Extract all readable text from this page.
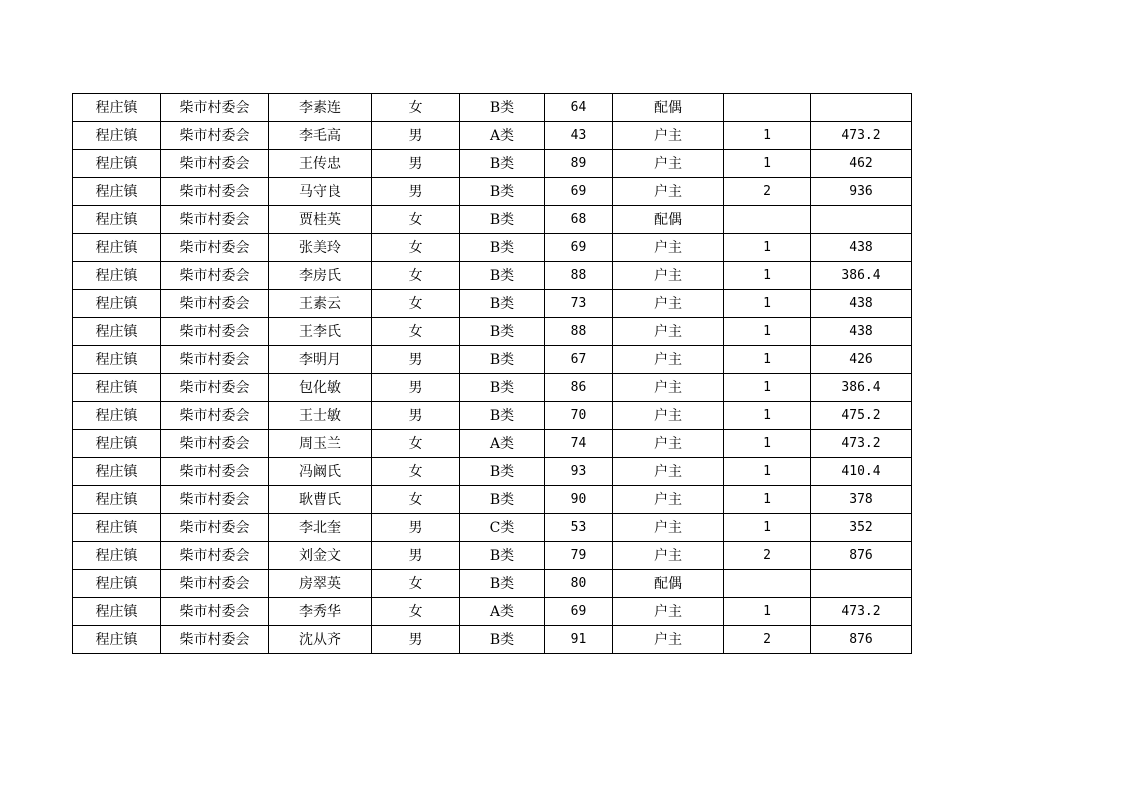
程庄镇	柴市村委会	李素连	女	B类	64	配偶		
程庄镇	柴市村委会	李毛高	男	A类	43	户主	1	473.2
程庄镇	柴市村委会	王传忠	男	B类	89	户主	1	462
程庄镇	柴市村委会	马守良	男	B类	69	户主	2	936
程庄镇	柴市村委会	贾桂英	女	B类	68	配偶		
程庄镇	柴市村委会	张美玲	女	B类	69	户主	1	438
程庄镇	柴市村委会	李房氏	女	B类	88	户主	1	386.4
程庄镇	柴市村委会	王素云	女	B类	73	户主	1	438
程庄镇	柴市村委会	王李氏	女	B类	88	户主	1	438
程庄镇	柴市村委会	李明月	男	B类	67	户主	1	426
程庄镇	柴市村委会	包化敏	男	B类	86	户主	1	386.4
程庄镇	柴市村委会	王士敏	男	B类	70	户主	1	475.2
程庄镇	柴市村委会	周玉兰	女	A类	74	户主	1	473.2
程庄镇	柴市村委会	冯阚氏	女	B类	93	户主	1	410.4
程庄镇	柴市村委会	耿曹氏	女	B类	90	户主	1	378
程庄镇	柴市村委会	李北奎	男	C类	53	户主	1	352
程庄镇	柴市村委会	刘金文	男	B类	79	户主	2	876
程庄镇	柴市村委会	房翠英	女	B类	80	配偶		
程庄镇	柴市村委会	李秀华	女	A类	69	户主	1	473.2
程庄镇	柴市村委会	沈从齐	男	B类	91	户主	2	876
